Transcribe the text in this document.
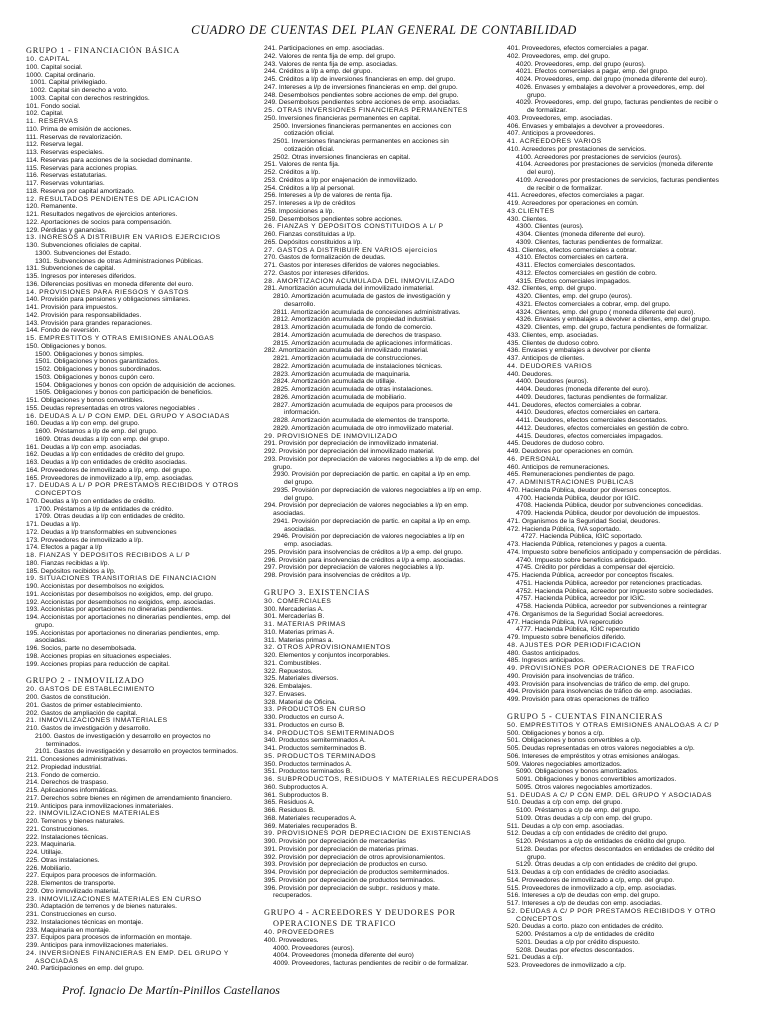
CUADRO DE CUENTAS DEL PLAN GENERAL DE CONTABILIDAD
GRUPO 1 - FINANCIACIÓN BÁSICA
10. CAPITAL
100. Capital social.
1000. Capital ordinario.
1001. Capital privilegiado.
1002. Capital sin derecho a voto.
1003. Capital con derechos restringidos.
101. Fondo social.
102. Capital.
11. RESERVAS
110. Prima de emisión de acciones.
111. Reservas de revalorización.
112. Reserva legal.
113. Reservas especiales.
114. Reservas para acciones de la sociedad dominante.
115. Reservas para acciones propias.
116. Reservas estatutarias.
117. Reservas voluntarias.
118. Reserva por capital amortizado.
12. RESULTADOS PENDIENTES DE APLICACIÓN
120. Remanente.
121. Resultados negativos de ejercicios anteriores.
122. Aportaciones de socios para compensación.
129. Pérdidas y ganancias.
13. INGRESOS A DISTRIBUIR EN VARIOS EJERCICIOS
130. Subvenciones oficiales de capital.
1300. Subvenciones del Estado.
1301. Subvenciones de otras Administraciones Públicas.
131. Subvenciones de capital.
135. Ingresos por intereses diferidos.
136. Diferencias positivas en moneda diferente del euro.
14. PROVISIONES PARA RIESGOS Y GASTOS
140. Provisión para pensiones y obligaciones similares.
141. Provisión para impuestos.
142. Provisión para responsabilidades.
143. Provisión para grandes reparaciones.
144. Fondo de reversión.
15. EMPRÉSTITOS Y OTRAS EMISIONES ANÁLOGAS
150. Obligaciones y bonos.
1500. Obligaciones y bonos simples.
1501. Obligaciones y bonos garantizados.
1502. Obligaciones y bonos subordinados.
1503. Obligaciones y bonos cupón cero.
1504. Obligaciones y bonos con opción de adquisición de acciones.
1505. Obligaciones y bonos con participación de beneficios.
151. Obligaciones y bonos convertibles.
155. Deudas representadas en otros valores negociables .
16. DEUDAS A L/ P CON EMP. DEL GRUPO Y ASOCIADAS
160. Deudas a l/p con emp. del grupo.
1600. Préstamos a l/p de emp. del grupo.
1609. Otras deudas a l/p con emp. del grupo.
161. Deudas a l/p con emp. asociadas.
162. Deudas a l/p con entidades de crédito del grupo.
163. Deudas a l/p con entidades de crédito asociadas.
164. Proveedores de inmovilizado a l/p, emp. del grupo.
165. Proveedores de inmovilizado a l/p, emp. asociadas.
17. DEUDAS A L/ P POR PRESTAMOS RECIBIDOS Y OTROS
CONCEPTOS
170. Deudas a l/p con entidades de crédito.
1700. Préstamos a l/p de entidades de crédito.
1709. Otras deudas a l/p con entidades de crédito.
171. Deudas a l/p.
172. Deudas a l/p transformables en subvenciones
173. Proveedores de inmovilizado a l/p.
174. Efectos a pagar a l/p
18. FIANZAS Y DEPOSITOS RECIBIDOS A L/ P
180. Fianzas recibidas a l/p.
185. Depósitos recibidos a l/p.
19. SITUACIONES TRANSITORIAS DE FINANCIACIÓN
190. Accionistas por desembolsos no exigidos.
191. Accionistas por desembolsos no exigidos, emp. del grupo.
192. Accionistas por desembolsos no exigidos, emp. asociadas.
193. Accionistas por aportaciones no dinerarias pendientes.
194. Accionistas por aportaciones no dinerarias pendientes, emp. del
grupo.
195. Accionistas por aportaciones no dinerarias pendientes, emp.
asociadas.
196. Socios, parte no desembolsada.
198. Acciones propias en situaciones especiales.
199. Acciones propias para reducción de capital.
GRUPO 2 - INMOVILIZADO
20. GASTOS DE ESTABLECIMIENTO
200. Gastos de constitución.
201. Gastos de primer establecimiento.
202. Gastos de ampliación de capital.
21. INMOVILIZACIONES INMATERIALES
210. Gastos de investigación y desarrollo.
2100. Gastos de investigación y desarrollo en proyectos no
terminados.
2101. Gastos de investigación y desarrollo en proyectos terminados.
211. Concesiones administrativas.
212. Propiedad industrial.
213. Fondo de comercio.
214. Derechos de traspaso.
215. Aplicaciones informáticas.
217. Derechos sobre bienes en régimen de arrendamiento financiero.
219. Anticipos para inmovilizaciones inmateriales.
22. INMOVILIZACIONES MATERIALES
220. Terrenos y bienes naturales.
221. Construcciones.
222. Instalaciones técnicas.
223. Maquinaria.
224. Utillaje.
225. Otras instalaciones.
226. Mobiliario.
227. Equipos para procesos de información.
228. Elementos de transporte.
229. Otro inmovilizado material.
23. INMOVILIZACIONES MATERIALES EN CURSO
230. Adaptación de terrenos y de bienes naturales.
231. Construcciones en curso.
232. Instalaciones técnicas en montaje.
233. Maquinaria en montaje.
237. Equipos para procesos de información en montaje.
239. Anticipos para inmovilizaciones materiales.
24. INVERSIONES FINANCIERAS EN EMP. DEL GRUPO Y
ASOCIADAS
240. Participaciones en emp. del grupo.
241. Participaciones en emp. asociadas.
242. Valores de renta fija de emp. del grupo.
243. Valores de renta fija de emp. asociadas.
244. Créditos a l/p a emp. del grupo.
245. Créditos a l/p de inversiones financieras en emp. del grupo.
247. Intereses a l/p de inversiones financieras en emp. del grupo.
248. Desembolsos pendientes sobre acciones de emp. del grupo.
249. Desembolsos pendientes sobre acciones de emp. asociadas.
25. OTRAS INVERSIONES FINANCIERAS PERMANENTES
250. Inversiones financieras permanentes en capital.
2500. Inversiones financieras permanentes en acciones con
cotización oficial.
2501. Inversiones financieras permanentes en acciones sin
cotización oficial.
2502. Otras inversiones financieras en capital.
251. Valores de renta fija.
252. Créditos a l/p.
253. Créditos a l/p por enajenación de inmovilizado.
254. Créditos a l/p al personal.
256. Intereses a l/p de valores de renta fija.
257. Intereses a l/p de créditos
258. Imposiciones a l/p.
259. Desembolsos pendientes sobre acciones.
26. FIANZAS Y DEPÓSITOS CONSTITUIDOS A L/ P
260. Fianzas constituidas a l/p.
265. Depósitos constituidos a l/p.
27. GASTOS A DISTRIBUIR EN VARIOS ejercicios
270. Gastos de formalización de deudas.
271. Gastos por intereses diferidos de valores negociables.
272. Gastos por intereses diferidos.
28. AMORTIZACIÓN ACUMULADA DEL INMOVILIZADO
281. Amortización acumulada del inmovilizado inmaterial.
2810. Amortización acumulada de gastos de investigación y
desarrollo.
2811. Amortización acumulada de concesiones administrativas.
2812. Amortización acumulada de propiedad industrial.
2813. Amortización acumulada de fondo de comercio.
2814. Amortización acumulada de derechos de traspaso.
2815. Amortización acumulada de aplicaciones informáticas.
282. Amortización acumulada del inmovilizado material.
2821. Amortización acumulada de construcciones.
2822. Amortización acumulada de instalaciones técnicas.
2823. Amortización acumulada de maquinaria.
2824. Amortización acumulada de utillaje.
2825. Amortización acumulada de otras instalaciones.
2826. Amortización acumulada de mobiliario.
2827. Amortización acumulada de equipos para procesos de
información.
2828. Amortización acumulada de elementos de transporte.
2829. Amortización acumulada de otro inmovilizado material.
29. PROVISIONES DE INMOVILIZADO
291. Provisión por depreciación de inmovilizado inmaterial.
292. Provisión por depreciación del inmovilizado material.
293. Provisión por depreciación de valores negociables a l/p de emp. del
grupo.
2930. Provisión por depreciación de partic. en capital a l/p en emp.
del grupo.
2935. Provisión por depreciación de valores negociables a l/p en emp.
del grupo.
294. Provisión por depreciación de valores negociables a l/p en emp.
asociadas.
2941. Provisión por depreciación de partic. en capital a l/p en emp.
asociadas.
2946. Provisión por depreciación de valores negociables a l/p en
emp. asociadas.
295. Provisión para insolvencias de créditos a l/p a emp. del grupo.
296. Provisión para insolvencias de créditos a l/p a emp. asociadas.
297. Provisión por depreciación de valores negociables a l/p.
298. Provisión para insolvencias de créditos a l/p.
GRUPO 3. EXISTENCIAS
30. COMERCIALES
300. Mercaderías A.
301. Mercaderías B.
31. MATERIAS PRIMAS
310. Materias primas A.
311. Materias primas a.
32. OTROS APROVISIONAMIENTOS
320. Elementos y conjuntos incorporables.
321. Combustibles.
322. Repuestos.
325. Materiales diversos.
326. Embalajes.
327. Envases.
328. Material de Oficina.
33. PRODUCTOS EN CURSO
330. Productos en curso A.
331. Productos en curso B.
34. PRODUCTOS SEMITERMINADOS
340. Productos semiterminados A.
341. Productos semiterminados B.
35. PRODUCTOS TERMINADOS
350. Productos terminados A.
351. Productos terminados B.
36. SUBPRODUCTOS, RESIDUOS Y MATERIALES RECUPERADOS
360. Subproductos A.
361. Subproductos B.
365. Residuos A.
366. Residuos B.
368. Materiales recuperados A.
369. Materiales recuperados B.
39. PROVISIONES POR DEPRECIACIÓN DE EXISTENCIAS
390. Provisión por depreciación de mercaderías
391. Provisión por depreciación de materias primas.
392. Provisión por depreciación de otros aprovisionamientos.
393. Provisión por depreciación de productos en curso.
394. Provisión por depreciación de productos semiterminados.
395. Provisión por depreciación de productos terminados.
396. Provisión por depreciación de subpr.. residuos y mate.
recuperados.
GRUPO 4 - ACREEDORES Y DEUDORES POR
OPERACIONES DE TRAFICO
40. PROVEEDORES
400. Proveedores.
4000. Proveedores (euros).
4004. Proveedores (moneda diferente del euro)
4009. Proveedores, facturas pendientes de recibir o de formalizar.
401. Proveedores, efectos comerciales a pagar.
402. Proveedores, emp. del grupo.
4020. Proveedores, emp. del grupo (euros).
4021. Efectos comerciales a pagar, emp. del grupo.
4024. Proveedores, emp. del grupo (moneda diferente del euro).
4026. Envases y embalajes a devolver a proveedores, emp. del
grupo.
4029. Proveedores, emp. del grupo, facturas pendientes de recibir o
de formalizar.
403. Proveedores, emp. asociadas.
406. Envases y embalajes a devolver a proveedores.
407. Anticipos a proveedores.
41. ACREEDORES VARIOS
410. Acreedores por prestaciones de servicios.
4100. Acreedores por prestaciones de servicios (euros).
4104. Acreedores por prestaciones de servicios (moneda diferente
del euro).
4109. Acreedores por prestaciones de servicios, facturas pendientes
de recibir o de formalizar.
411. Acreedores, efectos comerciales a pagar.
419. Acreedores por operaciones en común.
43.CLIENTES
430. Clientes.
4300. Clientes (euros).
4304. Clientes (moneda diferente del euro).
4309. Clientes, facturas pendientes de formalizar.
431. Clientes, efectos comerciales a cobrar.
4310. Efectos comerciales en cartera.
4311. Efectos comerciales descontados.
4312. Efectos comerciales en gestión de cobro.
4315. Efectos comerciales impagados.
432. Clientes, emp. del grupo.
4320. Clientes, emp. del grupo (euros).
4321. Efectos comerciales a cobrar, emp. del grupo.
4324. Clientes, emp. del grupo ( moneda diferente del euro).
4326. Envases y embalajes a devolver a clientes, emp. del grupo.
4329. Clientes, emp. del grupo, factura pendientes de formalizar.
433. Clientes, emp. asociadas.
435. Clientes de dudoso cobro.
436. Envases y embalajes a devolver por cliente
437. Anticipos de clientes.
44. DEUDORES VARIOS
440. Deudores.
4400. Deudores (euros).
4404. Deudores (moneda diferente del euro).
4409. Deudores, facturas pendientes de formalizar.
441. Deudores, efectos comerciales a cobrar.
4410. Deudores, efectos comerciales en cartera.
4411. Deudores, efectos comerciales descontados.
4412. Deudores, efectos comerciales en gestión de cobro.
4415. Deudores, efectos comerciales impagados.
445. Deudores de dudoso cobro.
449. Deudores por operaciones en común.
46. PERSONAL
460. Anticipos de remuneraciones.
465. Remuneraciones pendientes de pago.
47. ADMINISTRACIONES PUBLICAS
470. Hacienda Pública, deudor por diversos conceptos.
4700. Hacienda Pública, deudor por IGIC.
4708. Hacienda Pública, deudor por subvenciones concedidas.
4709. Hacienda Pública, deudor por devolución de impuestos.
471. Organismos de la Seguridad Social, deudores.
472. Hacienda Pública, IVA soportado.
4727. Hacienda Pública, IGIC soportado.
473. Hacienda Pública, retenciones y pagos a cuenta.
474. Impuesto sobre beneficios anticipado y compensación de pérdidas.
4740. Impuesto sobre beneficios anticipado.
4745. Crédito por pérdidas a compensar del ejercicio.
475. Hacienda Pública, acreedor por conceptos fiscales.
4751. Hacienda Pública, acreedor por retenciones practicadas.
4752. Hacienda Pública, acreedor por impuesto sobre sociedades.
4757. Hacienda Pública, acreedor por IGIC.
4758. Hacienda Pública, acreedor por subvenciones a reintegrar
476. Organismos de la Seguridad Social acreedores.
477. Hacienda Pública, IVA repercutido
4777. Hacienda Pública, IGIC repercutido
479. Impuesto sobre beneficios diferido.
48. AJUSTES POR PERIODIFICACIÓN
480. Gastos anticipados.
485. Ingresos anticipados.
49. PROVISIONES POR OPERACIONES DE TRAFICO
490. Provisión para insolvencias de tráfico.
493. Provisión para insolvencias de tráfico de emp. del grupo.
494. Provisión para insolvencias de tráfico de emp. asociadas.
499. Provisión para otras operaciones de tráfico
GRUPO 5 - CUENTAS FINANCIERAS
50. EMPRÉSTITOS Y OTRAS EMISIONES ANÁLOGAS A C/ P
500. Obligaciones y bonos a c/p.
501. Obligaciones y bonos convertibles a c/p.
505. Deudas representadas en otros valores negociables a c/p.
506. Intereses de empréstitos y otras emisiones análogas.
509. Valores negociables amortizados.
5090. Obligaciones y bonos amortizados.
5091. Obligaciones y bonos convertibles amortizados.
5095. Otros valores negociables amortizados.
51. DEUDAS A C/ P CON EMP. DEL GRUPO Y ASOCIADAS
510. Deudas a c/p con emp. del grupo.
5100. Préstamos a c/p de emp. del grupo.
5109. Otras deudas a c/p con emp. del grupo.
511. Deudas a c/p con emp. asociadas.
512. Deudas a c/p con entidades de crédito del grupo.
5120. Préstamos a c/p de entidades de crédito del grupo.
5128. Deudas por efectos descontados en entidades de crédito del
grupo.
5129. Otras deudas a c/p con entidades de crédito del grupo.
513. Deudas a c/p con entidades de crédito asociadas.
514. Proveedores de inmovilizado a c/p, emp. del grupo.
515. Proveedores de inmovilizado a c/p, emp. asociadas.
516. Intereses a c/p de deudas con emp. del grupo.
517. Intereses a c/p de deudas con emp. asociadas.
52. DEUDAS A C/ P POR PRESTAMOS RECIBIDOS Y OTRO
CONCEPTOS
520. Deudas a corto. plazo con entidades de crédito.
5200. Préstamos a c/p de entidades de crédito
5201. Deudas a c/p por crédito dispuesto.
5208. Deudas por efectos descontados.
521. Deudas a c/p.
523. Proveedores de inmovilizado a c/p.
Prof. Ignacio De Martín-Pinillos Castellanos
